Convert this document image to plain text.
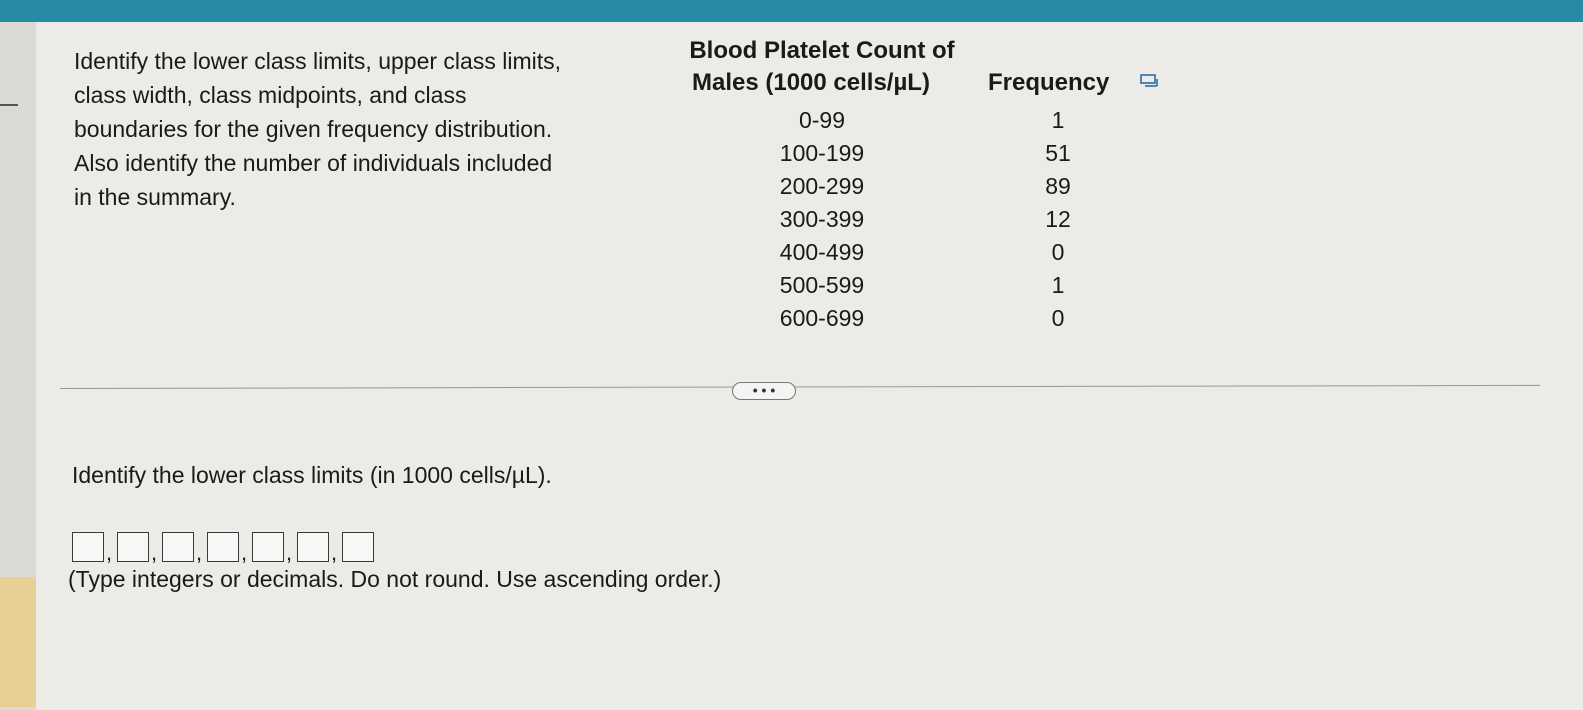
Identify the lower class limits, upper class limits,
class width, class midpoints, and class
boundaries for the given frequency distribution.
Also identify the number of individuals included
in the summary.

Blood Platelet Count of
Males (1000 cells/µL)	Frequency
0-99	1
100-199	51
200-299	89
300-399	12
400-499	0
500-599	1
600-699	0
• • •

Identify the lower class limits (in 1000 cells/µL).

, , , , , ,

(Type integers or decimals. Do not round. Use ascending order.)
